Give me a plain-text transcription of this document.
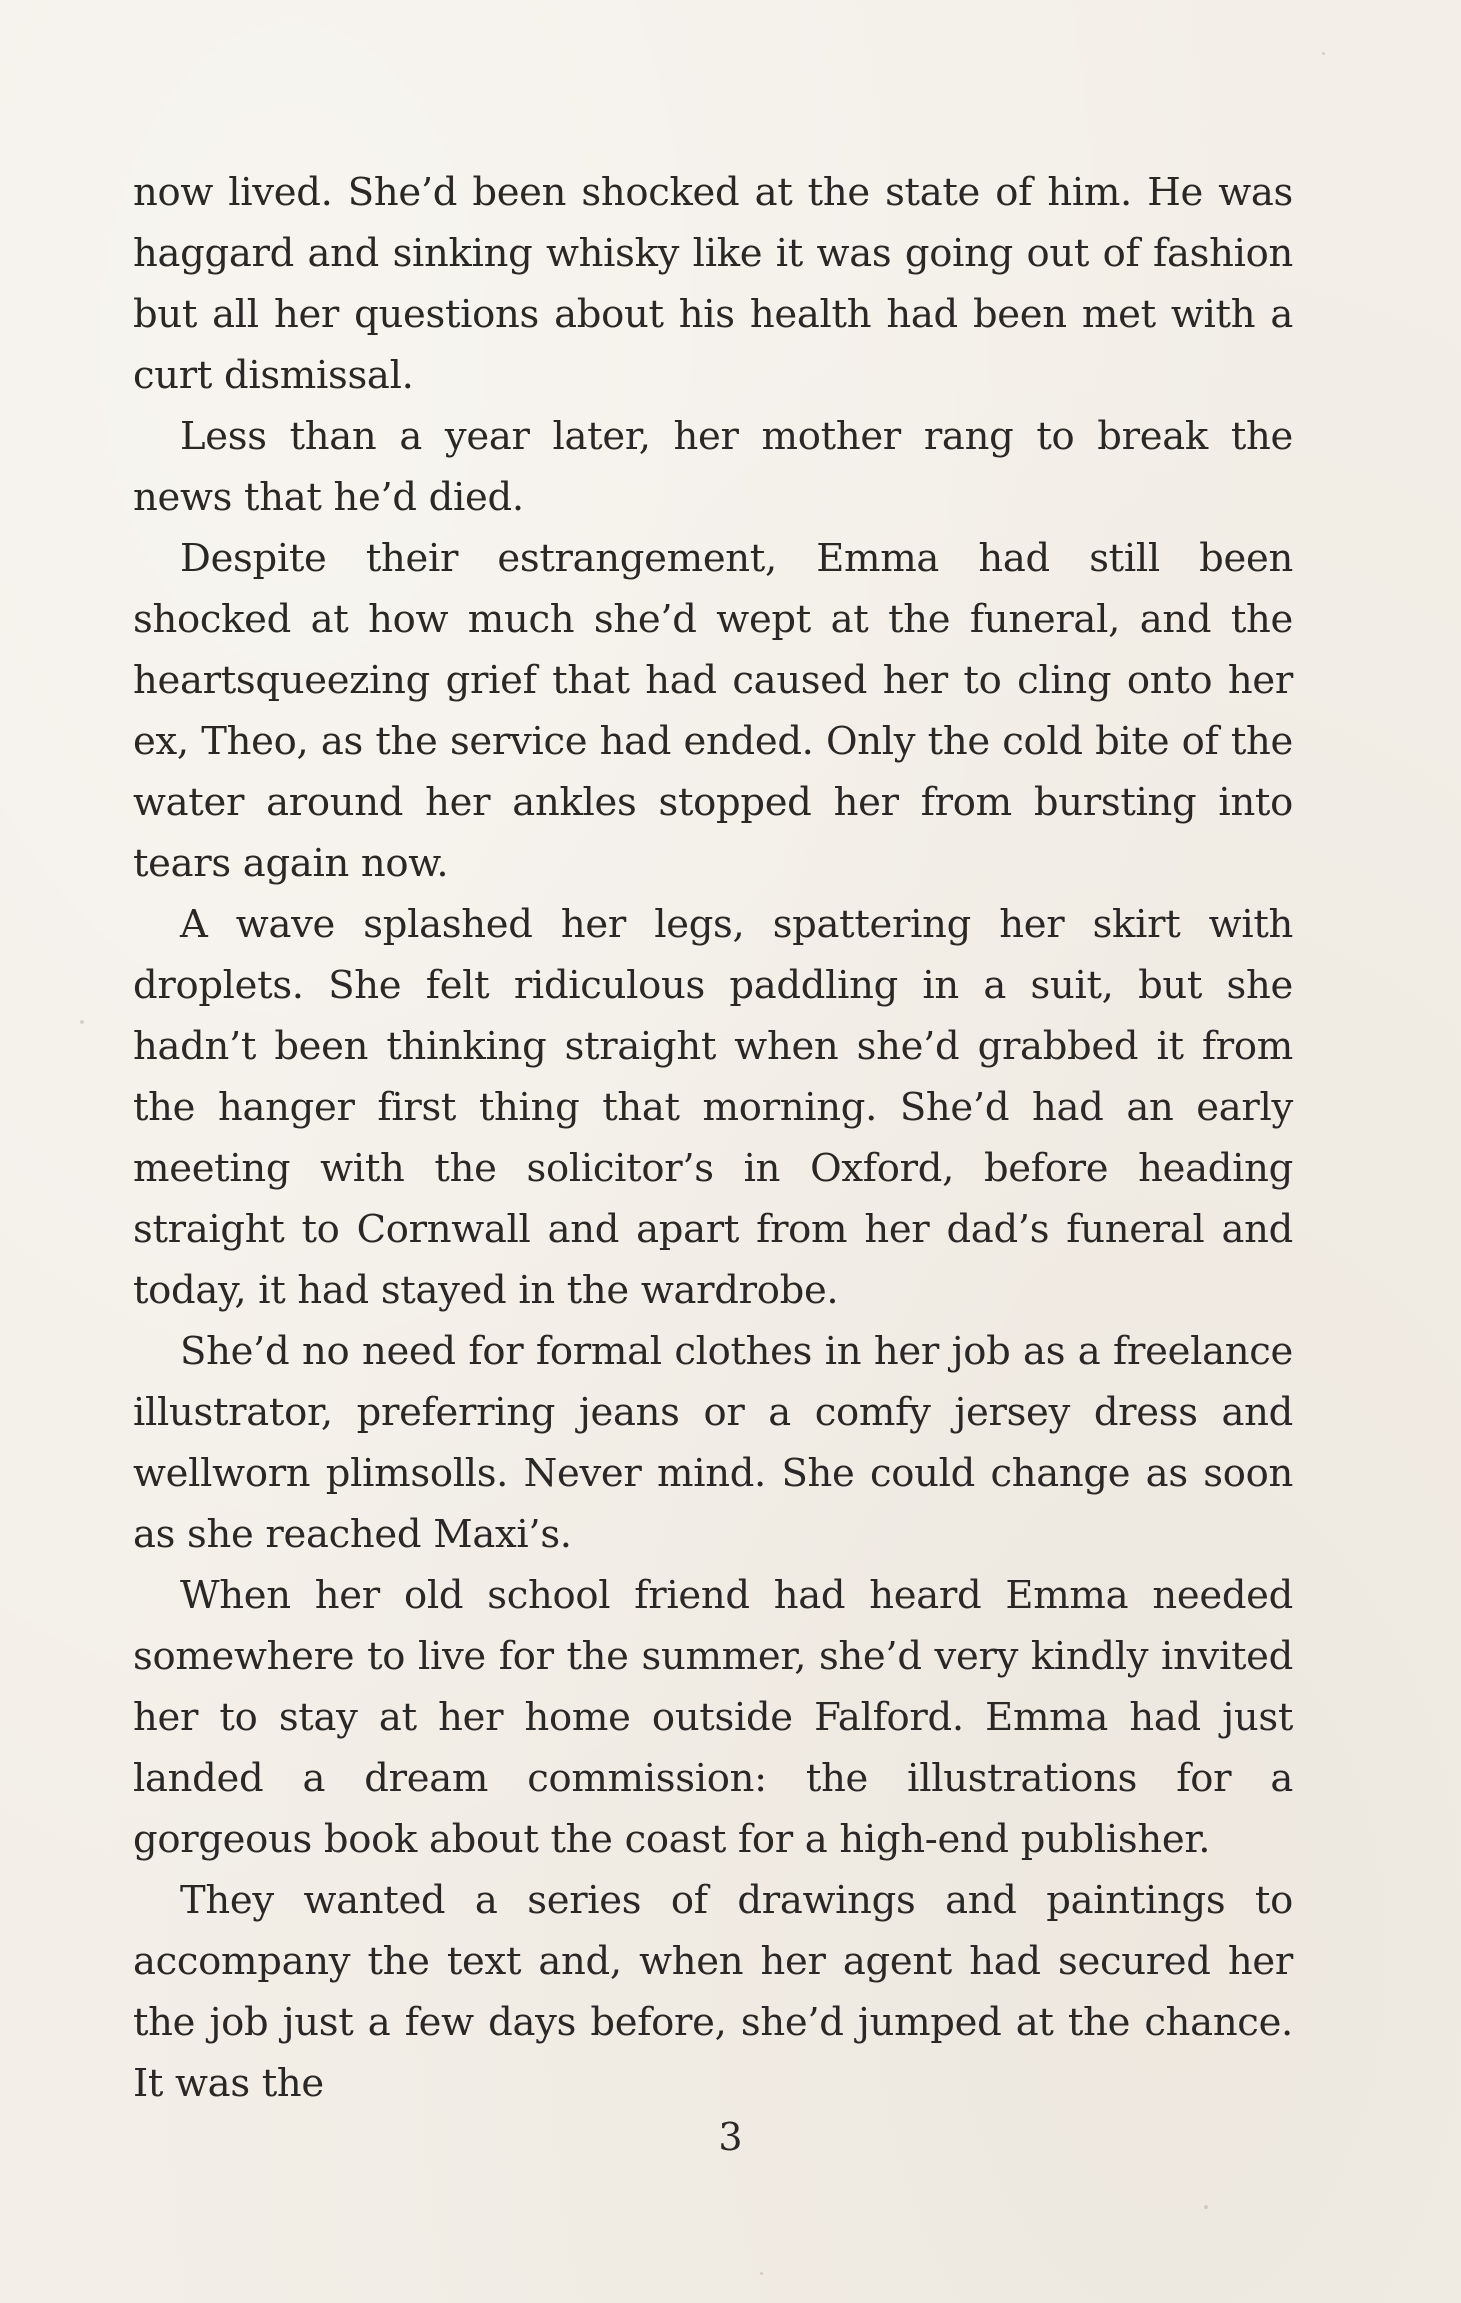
now lived. She’d been shocked at the state of him. He was haggard and sinking whisky like it was going out of fashion but all her questions about his health had been met with a curt dismissal.

Less than a year later, her mother rang to break the news that he’d died.

Despite their estrangement, Emma had still been shocked at how much she’d wept at the funeral, and the heartsqueezing grief that had caused her to cling onto her ex, Theo, as the service had ended. Only the cold bite of the water around her ankles stopped her from bursting into tears again now.

A wave splashed her legs, spattering her skirt with droplets. She felt ridiculous paddling in a suit, but she hadn’t been thinking straight when she’d grabbed it from the hanger first thing that morning. She’d had an early meeting with the solicitor’s in Oxford, before heading straight to Cornwall and apart from her dad’s funeral and today, it had stayed in the wardrobe.

She’d no need for formal clothes in her job as a freelance illustrator, preferring jeans or a comfy jersey dress and wellworn plimsolls. Never mind. She could change as soon as she reached Maxi’s.

When her old school friend had heard Emma needed somewhere to live for the summer, she’d very kindly invited her to stay at her home outside Falford. Emma had just landed a dream commission: the illustrations for a gorgeous book about the coast for a high-end publisher.

They wanted a series of drawings and paintings to accompany the text and, when her agent had secured her the job just a few days before, she’d jumped at the chance. It was the

3
